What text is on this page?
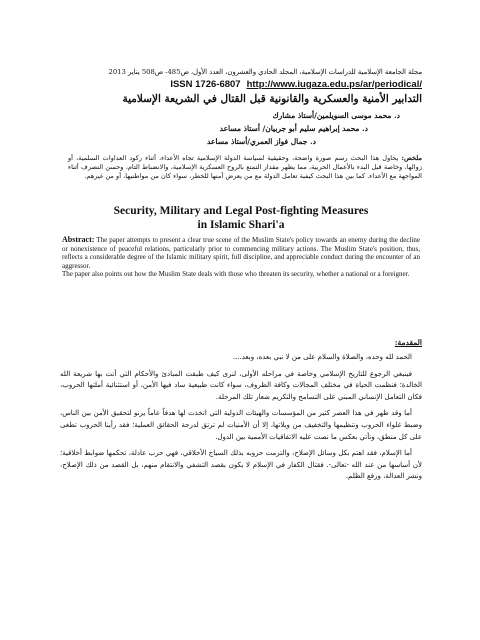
مجلة الجامعة الإسلامية للدراسات الإسلامية، المجلد الحادي والعشرون، العدد الأول، ص485- ص508 يناير 2013
ISSN 1726-6807 http://www.iugaza.edu.ps/ar/periodical/
التدابير الأمنية والعسكرية والقانونية قبل القتال في الشريعة الإسلامية
د. محمد موسى السويلمين/أستاذ مشارك
د. محمد إبراهيم سليم أبو جربيان/ أستاذ مساعد
د. جمال فواز العمري/أستاذ مساعد
ملخص: يحاول هذا البحث رسم صورة واضحة، وحقيقية لسياسة الدولة الإسلامية تجاه الأعداء، أثناء ركود العداوات السلمية، أو زوالها، وخاصة قبل البدء بالأعمال الحربية، مما يظهر مقدار التمتع بالروح العسكرية الإسلامية، والانضباط التام، وحسن التصرف أثناء المواجهة مع الأعداء. كما بين هذا البحث كيفية تعامل الدولة مع من يعرض أمنها للخطر، سواء كان من مواطنيها، أو من غيرهم.
Security, Military and Legal Post-fighting Measures
in Islamic Shari'a

Abstract: The paper attempts to present a clear true scene of the Muslim State's policy towards an enemy during the decline or nonexistence of peaceful relations, particularly prior to commencing military actions. The Muslim State's position, thus, reflects a considerable degree of the Islamic military spirit, full discipline, and appreciable conduct during the encounter of an aggressor.

The paper also points out how the Muslim State deals with those who threaten its security, whether a national or a foreigner.

المقدمة:

الحمد لله وحده، والصلاة والسلام على من لا نبي بعده، وبعد....

فينبغي الرجوع للتاريخ الإسلامي وخاصة في مراحله الأولى، لنرى كيف طبقت المبادئ والأحكام التي أتت بها شريعة الله الخالدة؛ فنظمت الحياة في مختلف المجالات وكافة الظروف، سواء كانت طبيعية ساد فيها الأمن، أو استثنائية أملتها الحروب، فكان التعامل الإنساني المبني على التسامح والتكريم شعار تلك المرحلة.

أما وقد ظهر في هذا العصر كثير من المؤسسات والهيئات الدولية التي اتخذت لها هدفاً عاماً يرنو لتحقيق الأمن بين الناس، وضبط غلواء الحروب وتنظيمها والتخفيف من ويلاتها، إلا أن الأمنيات لم ترتق لدرجة الحقائق العملية؛ فقد رأينا الحروب تطغى على كل منطق، وتأتي بعكس ما نصت عليه الاتفاقيات الأممية بين الدول.

أما الإسلام، فقد اهتم بكل وسائل الإصلاح، والتزمت حروبه بذلك السياج الأخلاقي، فهي حرب عادلة، تحكمها ضوابط أخلاقية؛ لأن أساسها من عند الله -تعالى-. فقتال الكفار في الإسلام لا يكون بقصد التشفي والانتقام منهم، بل القصد من ذلك الإصلاح، ونشر العدالة، ورفع الظلم.
